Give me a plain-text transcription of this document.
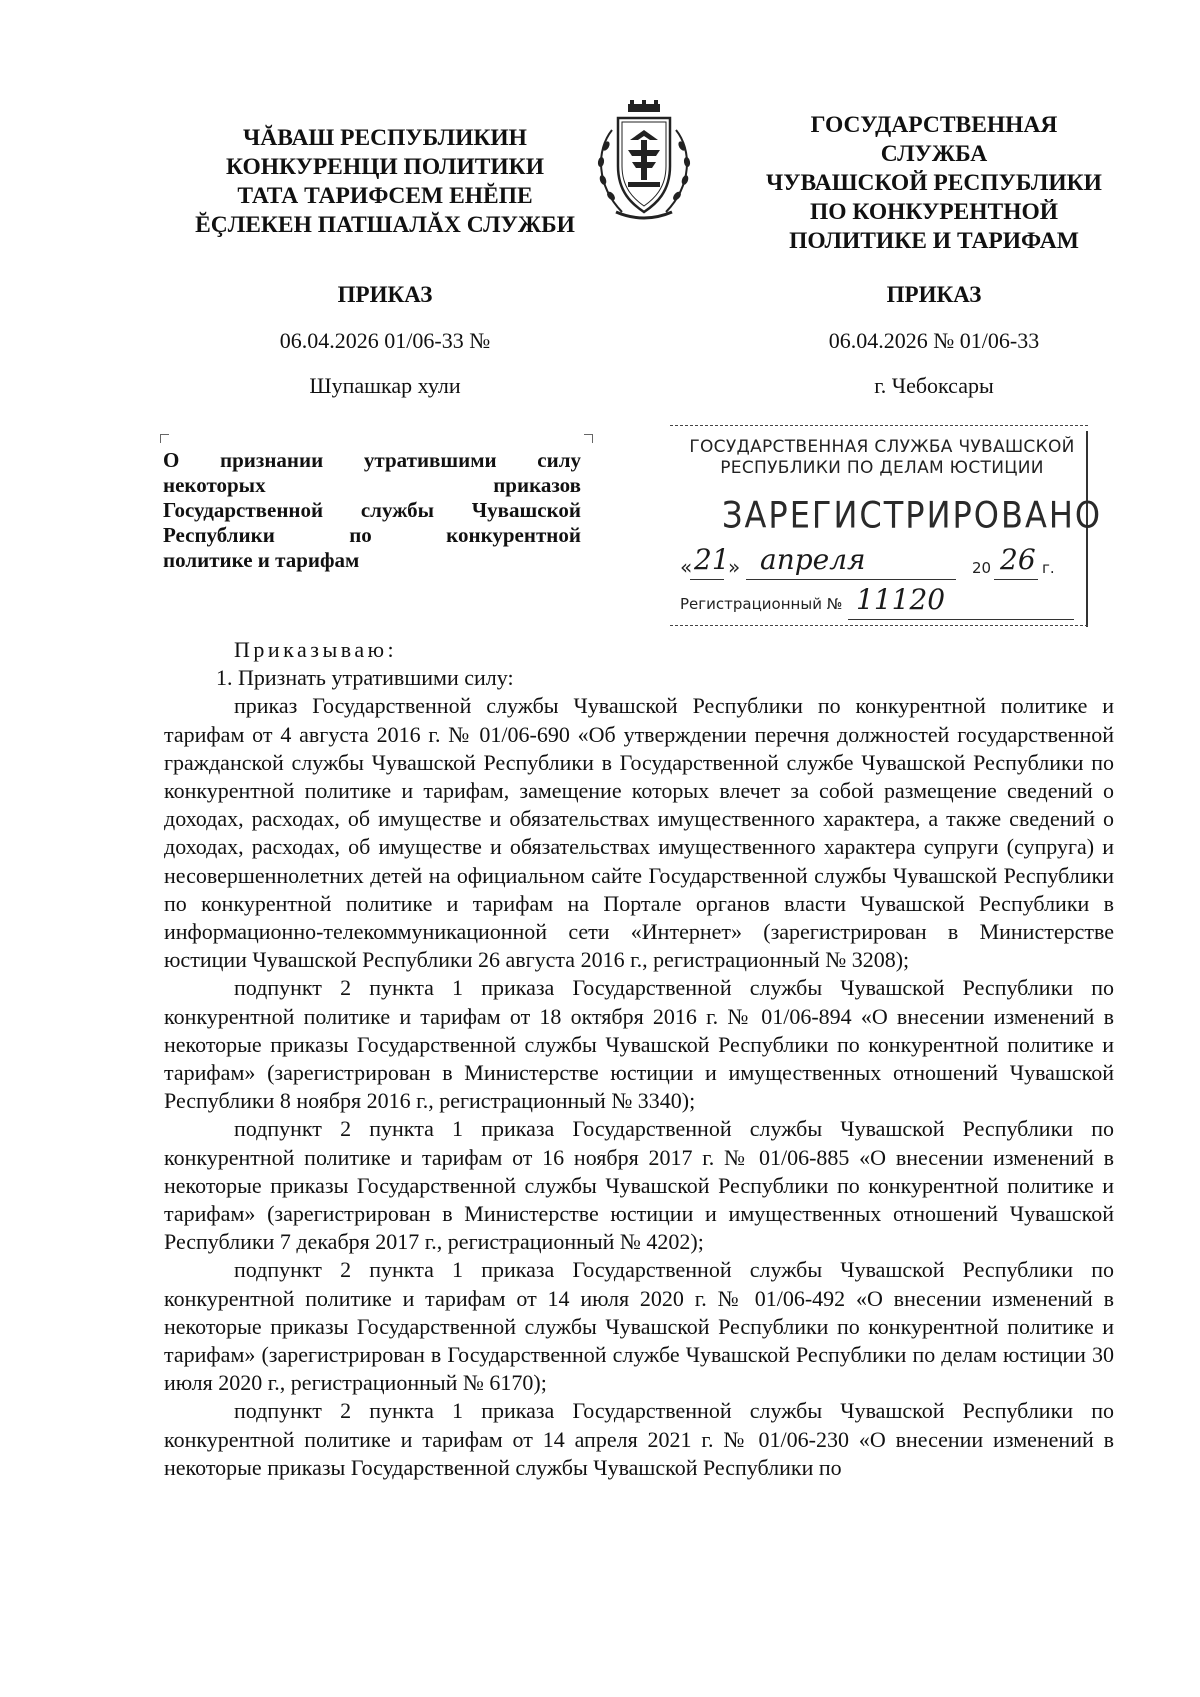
ЧĂВАШ РЕСПУБЛИКИН
КОНКУРЕНЦИ ПОЛИТИКИ
ТАТА ТАРИФСЕМ ЕНĔПЕ
ĔÇЛЕКЕН ПАТШАЛĂХ СЛУЖБИ
ГОСУДАРСТВЕННАЯ
СЛУЖБА
ЧУВАШСКОЙ РЕСПУБЛИКИ
ПО КОНКУРЕНТНОЙ
ПОЛИТИКЕ И ТАРИФАМ
ПРИКАЗ	ПРИКАЗ
06.04.2026 01/06-33 №	06.04.2026 № 01/06-33
Шупашкар хули	г. Чебоксары
О признании утратившими силу
некоторых приказов
Государственной службы Чувашской
Республики по конкурентной
политике и тарифам
ГОСУДАРСТВЕННАЯ СЛУЖБА ЧУВАШСКОЙ
РЕСПУБЛИКИ ПО ДЕЛАМ ЮСТИЦИИ
ЗАРЕГИСТРИРОВАНО
« 21
» апреля	20 26 г.
Регистрационный № 11120

Приказываю:

1. Признать утратившими силу:

приказ Государственной службы Чувашской Республики по конкурентной политике и тарифам от 4 августа 2016 г. № 01/06-690 «Об утверждении перечня должностей государственной гражданской службы Чувашской Республики в Государственной службе Чувашской Республики по конкурентной политике и тарифам, замещение которых влечет за собой размещение сведений о доходах, расходах, об имуществе и обязательствах имущественного характера, а также сведений о доходах, расходах, об имуществе и обязательствах имущественного характера супруги (супруга) и несовершеннолетних детей на официальном сайте Государственной службы Чувашской Республики по конкурентной политике и тарифам на Портале органов власти Чувашской Республики в информационно-телекоммуникационной сети «Интернет» (зарегистрирован в Министерстве юстиции Чувашской Республики 26 августа 2016 г., регистрационный № 3208);

подпункт 2 пункта 1 приказа Государственной службы Чувашской Республики по конкурентной политике и тарифам от 18 октября 2016 г. № 01/06-894 «О внесении изменений в некоторые приказы Государственной службы Чувашской Республики по конкурентной политике и тарифам» (зарегистрирован в Министерстве юстиции и имущественных отношений Чувашской Республики 8 ноября 2016 г., регистрационный № 3340);

подпункт 2 пункта 1 приказа Государственной службы Чувашской Республики по конкурентной политике и тарифам от 16 ноября 2017 г. № 01/06-885 «О внесении изменений в некоторые приказы Государственной службы Чувашской Республики по конкурентной политике и тарифам» (зарегистрирован в Министерстве юстиции и имущественных отношений Чувашской Республики 7 декабря 2017 г., регистрационный № 4202);

подпункт 2 пункта 1 приказа Государственной службы Чувашской Республики по конкурентной политике и тарифам от 14 июля 2020 г. № 01/06-492 «О внесении изменений в некоторые приказы Государственной службы Чувашской Республики по конкурентной политике и тарифам» (зарегистрирован в Государственной службе Чувашской Республики по делам юстиции 30 июля 2020 г., регистрационный № 6170);

подпункт 2 пункта 1 приказа Государственной службы Чувашской Республики по конкурентной политике и тарифам от 14 апреля 2021 г. № 01/06-230 «О внесении изменений в некоторые приказы Государственной службы Чувашской Республики по
